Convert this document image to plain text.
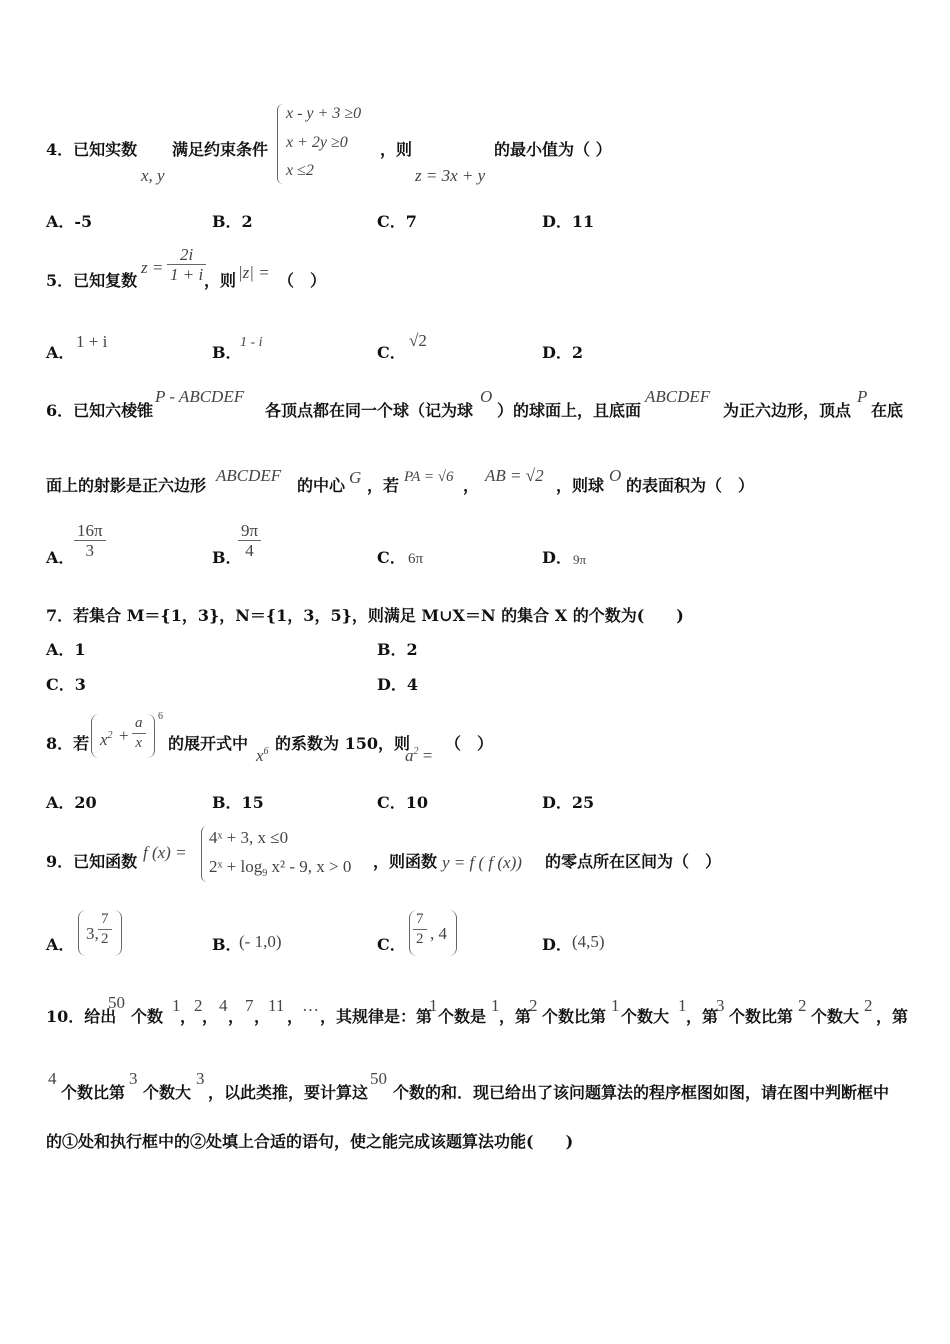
4．已知实数
x, y
满足约束条件
x - y + 3 ≥0
x + 2y ≥0
x ≤2
，则
z = 3x + y
的最小值为（ ）
A．-5	B．2	C．7	D．11
5．已知复数
$z = \frac{2i}{1 + i}$
，则 |z| = （　）
A．
1 + i
B．
1 - i
C．
√2
D．2
6．已知六棱锥
P - ABCDEF
各顶点都在同一个球（记为球
O
）的球面上，且底面
ABCDEF
为正六边形，顶点
P
在底
面上的射影是正六边形
ABCDEF
的中心 G ，若 PA = √6 ，
AB = √2
，则球
O
的表面积为（　）
A． $\frac{16\pi}{3}$	B．
$\frac{9\pi}{4}$	C． 6π	D． 9π
7．若集合 M＝{1，3}，N＝{1，3，5}，则满足 M∪X＝N 的集合 X 的个数为(　　)
A．1	B．2
C．3	D．4
8．若 $x^2 + \frac{a}{x} 6$
的展开式中
$x^6$ 的系数为 150，则
$a^2$ =
（　）
A．20	B．15	C．10	D．25
9．已知函数 f (x) =
4ˣ + 3, x ≤0
2ˣ + $\log_9 x^2 - 9$, x > 0 ，则函数 y = f ( f (x)) 的零点所在区间为（　）
A．
3, $\frac{7}{2}$	B．
(- 1,0)	C． $\frac{7}{2}$ , 4
D． (4,5)
10．给出
50
个数
1
，
2
，
4
，
7
，
11
，
…
，其规律是：第
1
个数是
1
，第
2
个数比第
1
个数大
1
，第
3
个数比第
2
个数大
2
，第
4
个数比第
3
个数大
3
，以此类推，要计算这
50
个数的和．现已给出了该问题算法的程序框图如图，请在图中判断框中
的①处和执行框中的②处填上合适的语句，使之能完成该题算法功能(　　)
